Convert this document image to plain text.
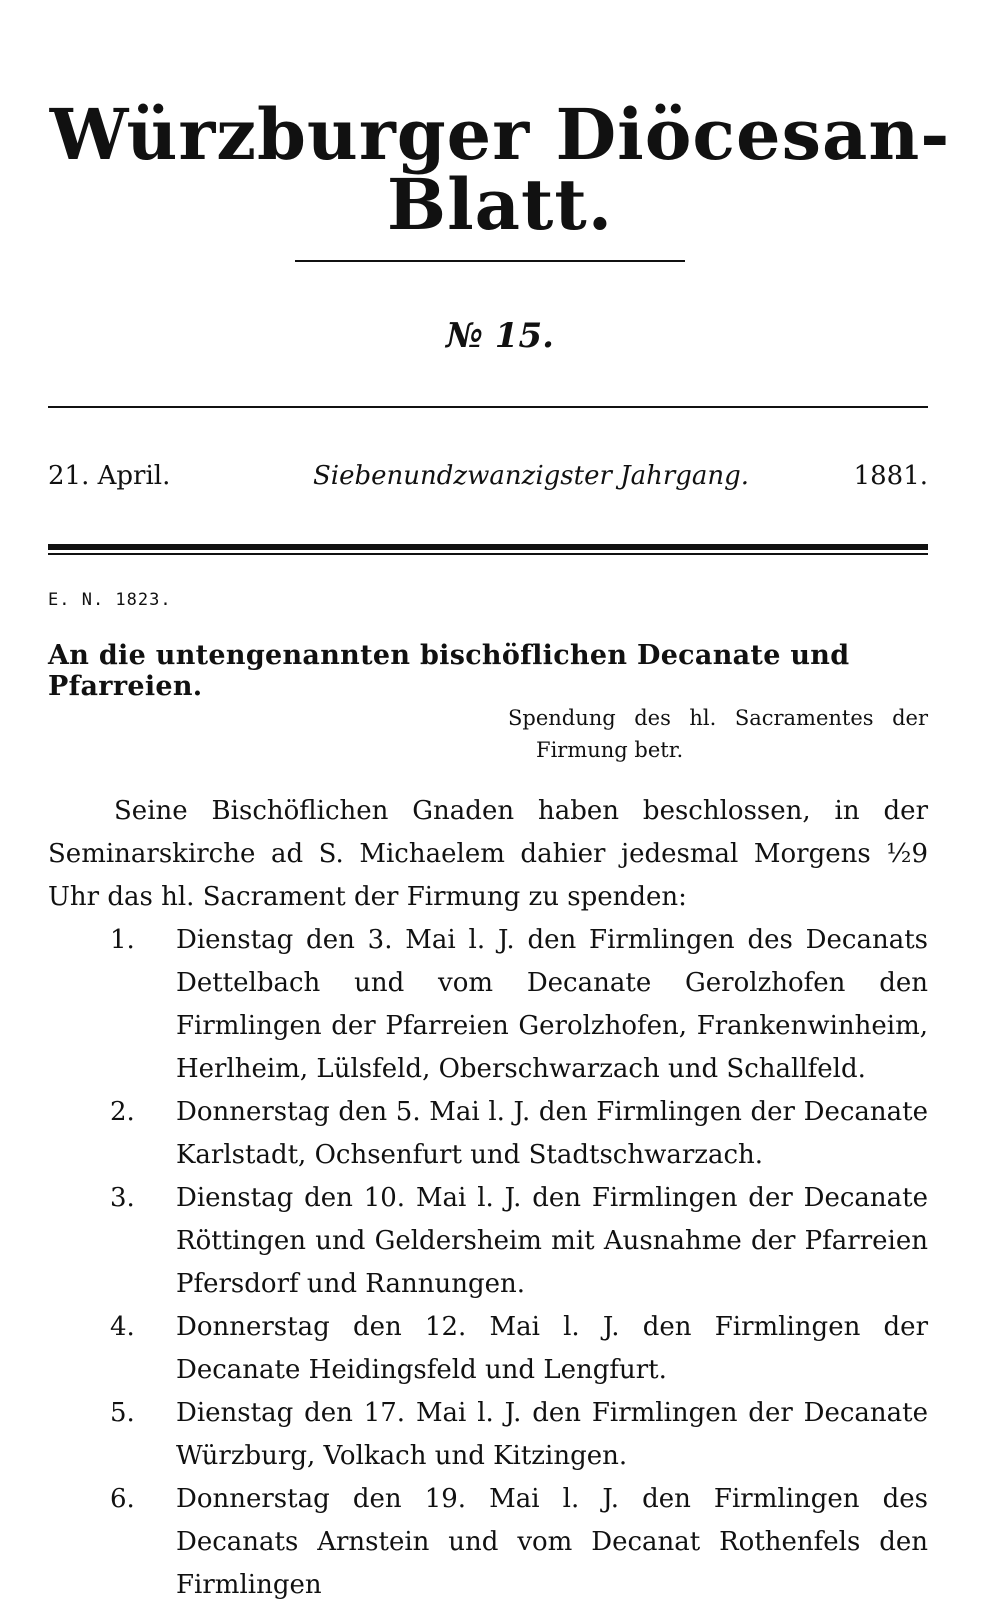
Würzburger Diöcesan-Blatt.
№ 15.
21. April.	Siebenundzwanzigster Jahrgang.	1881.
E. N. 1823.
An die untengenannten bischöflichen Decanate und Pfarreien.
Spendung des hl. Sacramentes der
Firmung betr.

Seine Bischöflichen Gnaden haben beschlossen, in der Seminarskirche ad S. Michaelem dahier jedesmal Morgens ½9 Uhr das hl. Sacrament der Firmung zu spenden:

1. Dienstag den 3. Mai l. J. den Firmlingen des Decanats Dettelbach und vom Decanate Gerolzhofen den Firmlingen der Pfarreien Gerolzhofen, Frankenwinheim, Herlheim, Lülsfeld, Oberschwarzach und Schallfeld.

2. Donnerstag den 5. Mai l. J. den Firmlingen der Decanate Karlstadt, Ochsenfurt und Stadtschwarzach.

3. Dienstag den 10. Mai l. J. den Firmlingen der Decanate Röttingen und Geldersheim mit Ausnahme der Pfarreien Pfersdorf und Rannungen.

4. Donnerstag den 12. Mai l. J. den Firmlingen der Decanate Heidingsfeld und Lengfurt.

5. Dienstag den 17. Mai l. J. den Firmlingen der Decanate Würzburg, Volkach und Kitzingen.

6. Donnerstag den 19. Mai l. J. den Firmlingen des Decanats Arnstein und vom Decanat Rothenfels den Firmlingen
